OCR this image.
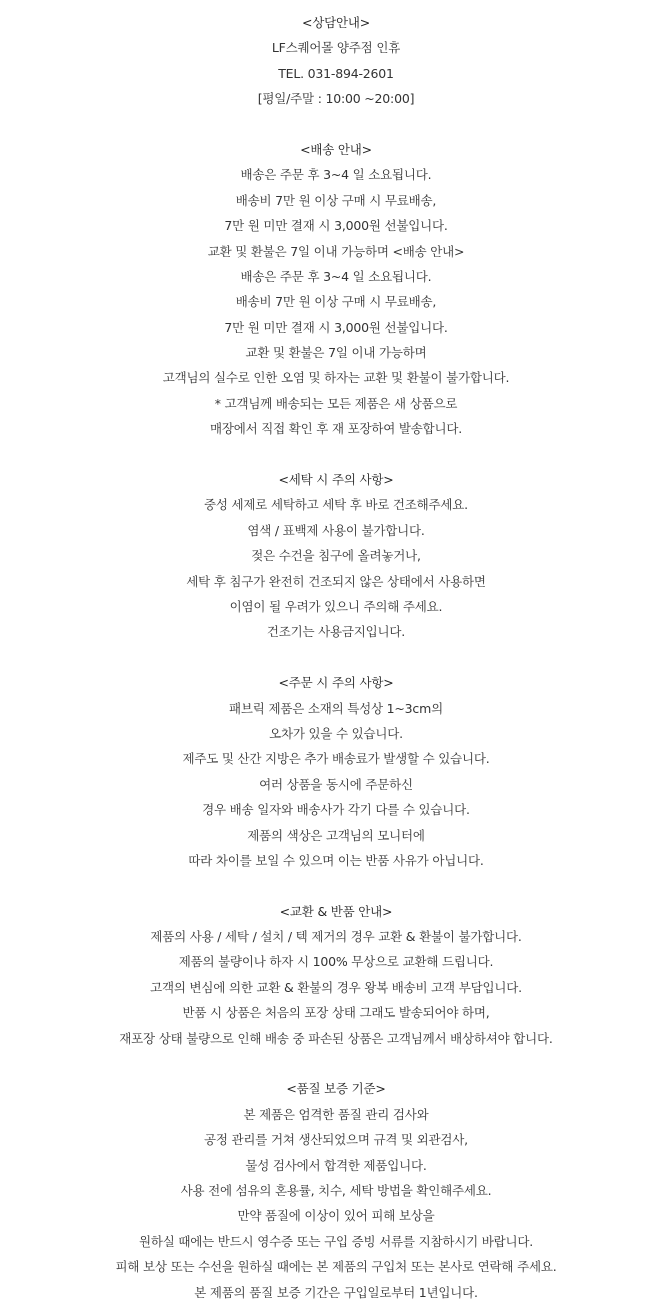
<상담안내>
LF스퀘어몰 양주점 인휴
TEL. 031-894-2601
[평일/주말 : 10:00 ~20:00]
<배송 안내>
배송은 주문 후 3~4 일 소요됩니다.
배송비 7만 원 이상 구매 시 무료배송,
7만 원 미만 결재 시 3,000원 선불입니다.
교환 및 환불은 7일 이내 가능하며 <배송 안내>
배송은 주문 후 3~4 일 소요됩니다.
배송비 7만 원 이상 구매 시 무료배송,
7만 원 미만 결재 시 3,000원 선불입니다.
교환 및 환불은 7일 이내 가능하며
고객님의 실수로 인한 오염 및 하자는 교환 및 환불이 불가합니다.
* 고객님께 배송되는 모든 제품은 새 상품으로
매장에서 직접 확인 후 재 포장하여 발송합니다.
<세탁 시 주의 사항>
중성 세제로 세탁하고 세탁 후 바로 건조해주세요.
염색 / 표백제 사용이 불가합니다.
젖은 수건을 침구에 올려놓거나,
세탁 후 침구가 완전히 건조되지 않은 상태에서 사용하면
이염이 될 우려가 있으니 주의해 주세요.
건조기는 사용금지입니다.
<주문 시 주의 사항>
패브릭 제품은 소재의 특성상 1~3cm의
오차가 있을 수 있습니다.
제주도 및 산간 지방은 추가 배송료가 발생할 수 있습니다.
여러 상품을 동시에 주문하신
경우 배송 일자와 배송사가 각기 다를 수 있습니다.
제품의 색상은 고객님의 모니터에
따라 차이를 보일 수 있으며 이는 반품 사유가 아닙니다.
<교환 & 반품 안내>
제품의 사용 / 세탁 / 설치 / 텍 제거의 경우 교환 & 환불이 불가합니다.
제품의 불량이나 하자 시 100% 무상으로 교환해 드립니다.
고객의 변심에 의한 교환 & 환불의 경우 왕복 배송비 고객 부담입니다.
반품 시 상품은 처음의 포장 상태 그래도 발송되어야 하며,
재포장 상태 불량으로 인해 배송 중 파손된 상품은 고객님께서 배상하셔야 합니다.
<품질 보증 기준>
본 제품은 엄격한 품질 관리 검사와
공정 관리를 거쳐 생산되었으며 규격 및 외관검사,
물성 검사에서 합격한 제품입니다.
사용 전에 섬유의 혼용률, 치수, 세탁 방법을 확인해주세요.
만약 품질에 이상이 있어 피해 보상을
원하실 때에는 반드시 영수증 또는 구입 증빙 서류를 지참하시기 바랍니다.
피해 보상 또는 수선을 원하실 때에는 본 제품의 구입처 또는 본사로 연락해 주세요.
본 제품의 품질 보증 기간은 구입일로부터 1년입니다.
